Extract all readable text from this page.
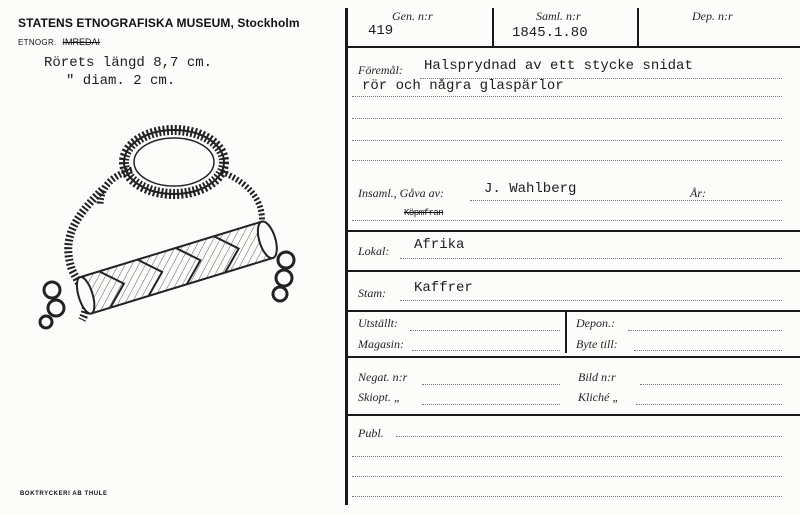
STATENS ETNOGRAFISKA MUSEUM, Stockholm
ETNOGR. IMREDAI
Rörets längd 8,7 cm.
" diam. 2 cm.
BOKTRYCKERI AB THULE
Gen. n:r
419
Saml. n:r
1845.1.80
Dep. n:r
Föremål: Halsprydnad av ett stycke snidat
rör och några glaspärlor
Insaml., Gåva av:	J. Wahlberg	År:
Köpmfran
Lokal: Afrika
Stam: Kaffrer
Utställt:	Depon.:
Magasin:	Byte till:
Negat. n:r	Bild n:r
Skiopt. „	Kliché „
Publ.
